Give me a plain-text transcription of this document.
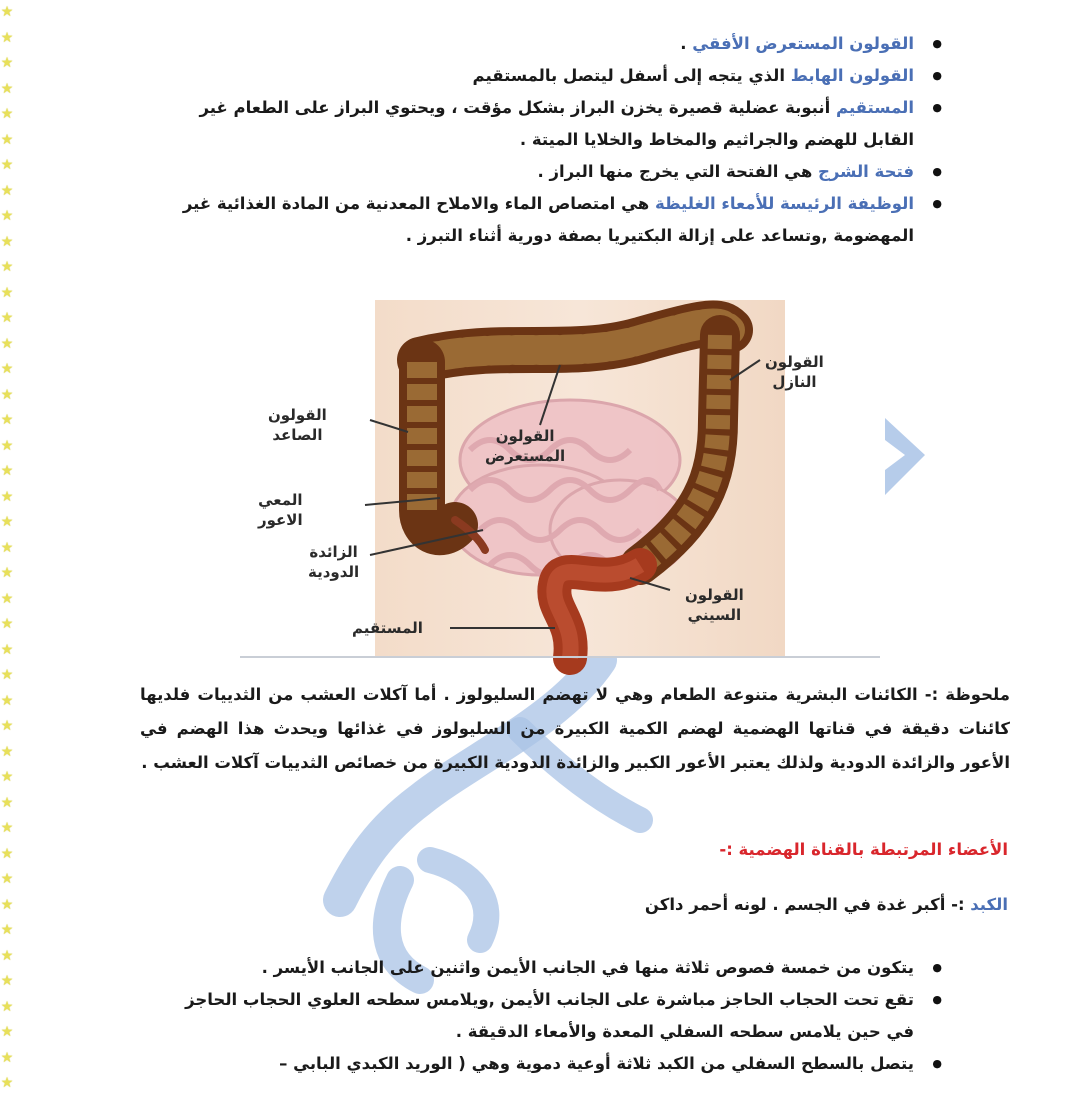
★
★
★
★
★
★
★
★
★
★
★
★
★
★
★
★
★
★
★
★
★
★
★
★
★
★
★
★
★
★
★
★
★
★
★
★
★
★
★
★
★
★
★
● القولون المستعرض الأفقي .
● القولون الهابط الذي يتجه إلى أسفل ليتصل بالمستقيم
● المستقيم أنبوبة عضلية قصيرة يخزن البراز بشكل مؤقت ، ويحتوي البراز على الطعام غير القابل للهضم والجراثيم والمخاط والخلايا الميتة .
● فتحة الشرج هي الفتحة التي يخرج منها البراز .
● الوظيفة الرئيسة للأمعاء الغليظة هي امتصاص الماء والاملاح المعدنية من المادة الغذائية غير المهضومة ,وتساعد على إزالة البكتيريا بصفة دورية أثناء التبرز .
القولون
النازل
القولون
الصاعد	القولون
المستعرض
المعي
الاعور
الزائدة
الدودية
القولون
السيني
المستقيم
ملحوظة :- الكائنات البشرية متنوعة الطعام وهي لا تهضم السليولوز . أما آكلات العشب من الثدييات فلديها كائنات دقيقة في قناتها الهضمية لهضم الكمية الكبيرة من السليولوز في غذائها ويحدث هذا الهضم في الأعور والزائدة الدودية ولذلك يعتبر الأعور الكبير والزائدة الدودية الكبيرة من خصائص الثدييات آكلات العشب .
الأعضاء المرتبطة بالقناة الهضمية :-
الكبد :- أكبر غدة في الجسم . لونه أحمر داكن
● يتكون من خمسة فصوص ثلاثة منها في الجانب الأيمن واثنين على الجانب الأيسر .
● تقع تحت الحجاب الحاجز مباشرة على الجانب الأيمن ,ويلامس سطحه العلوي الحجاب الحاجز في حين يلامس سطحه السفلي المعدة والأمعاء الدقيقة .
● يتصل بالسطح السفلي من الكبد ثلاثة أوعية دموية وهي ( الوريد الكبدي البابي –
